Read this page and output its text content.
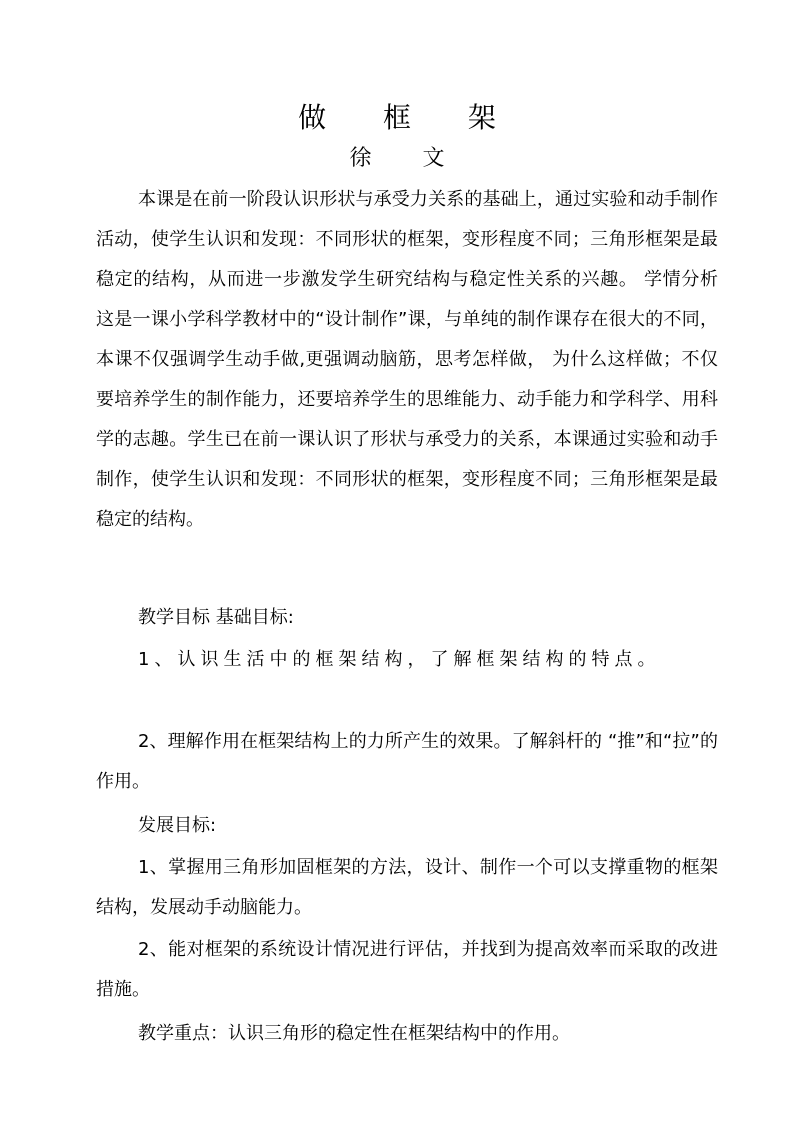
做 框 架
徐 文

本课是在前一阶段认识形状与承受力关系的基础上，通过实验和动手制作活动，使学生认识和发现：不同形状的框架，变形程度不同；三角形框架是最稳定的结构，从而进一步激发学生研究结构与稳定性关系的兴趣。 学情分析 这是一课小学科学教材中的“设计制作”课，与单纯的制作课存在很大的不同，本课不仅强调学生动手做,更强调动脑筋，思考怎样做， 为什么这样做；不仅要培养学生的制作能力，还要培养学生的思维能力、动手能力和学科学、用科学的志趣。学生已在前一课认识了形状与承受力的关系，本课通过实验和动手制作，使学生认识和发现：不同形状的框架，变形程度不同；三角形框架是最稳定的结构。

教学目标 基础目标:

1、认识生活中的框架结构，了解框架结构的特点。

2、理解作用在框架结构上的力所产生的效果。了解斜杆的 “推”和“拉”的作用。

发展目标:

1、掌握用三角形加固框架的方法，设计、制作一个可以支撑重物的框架结构，发展动手动脑能力。

2、能对框架的系统设计情况进行评估，并找到为提高效率而采取的改进措施。

教学重点：认识三角形的稳定性在框架结构中的作用。
